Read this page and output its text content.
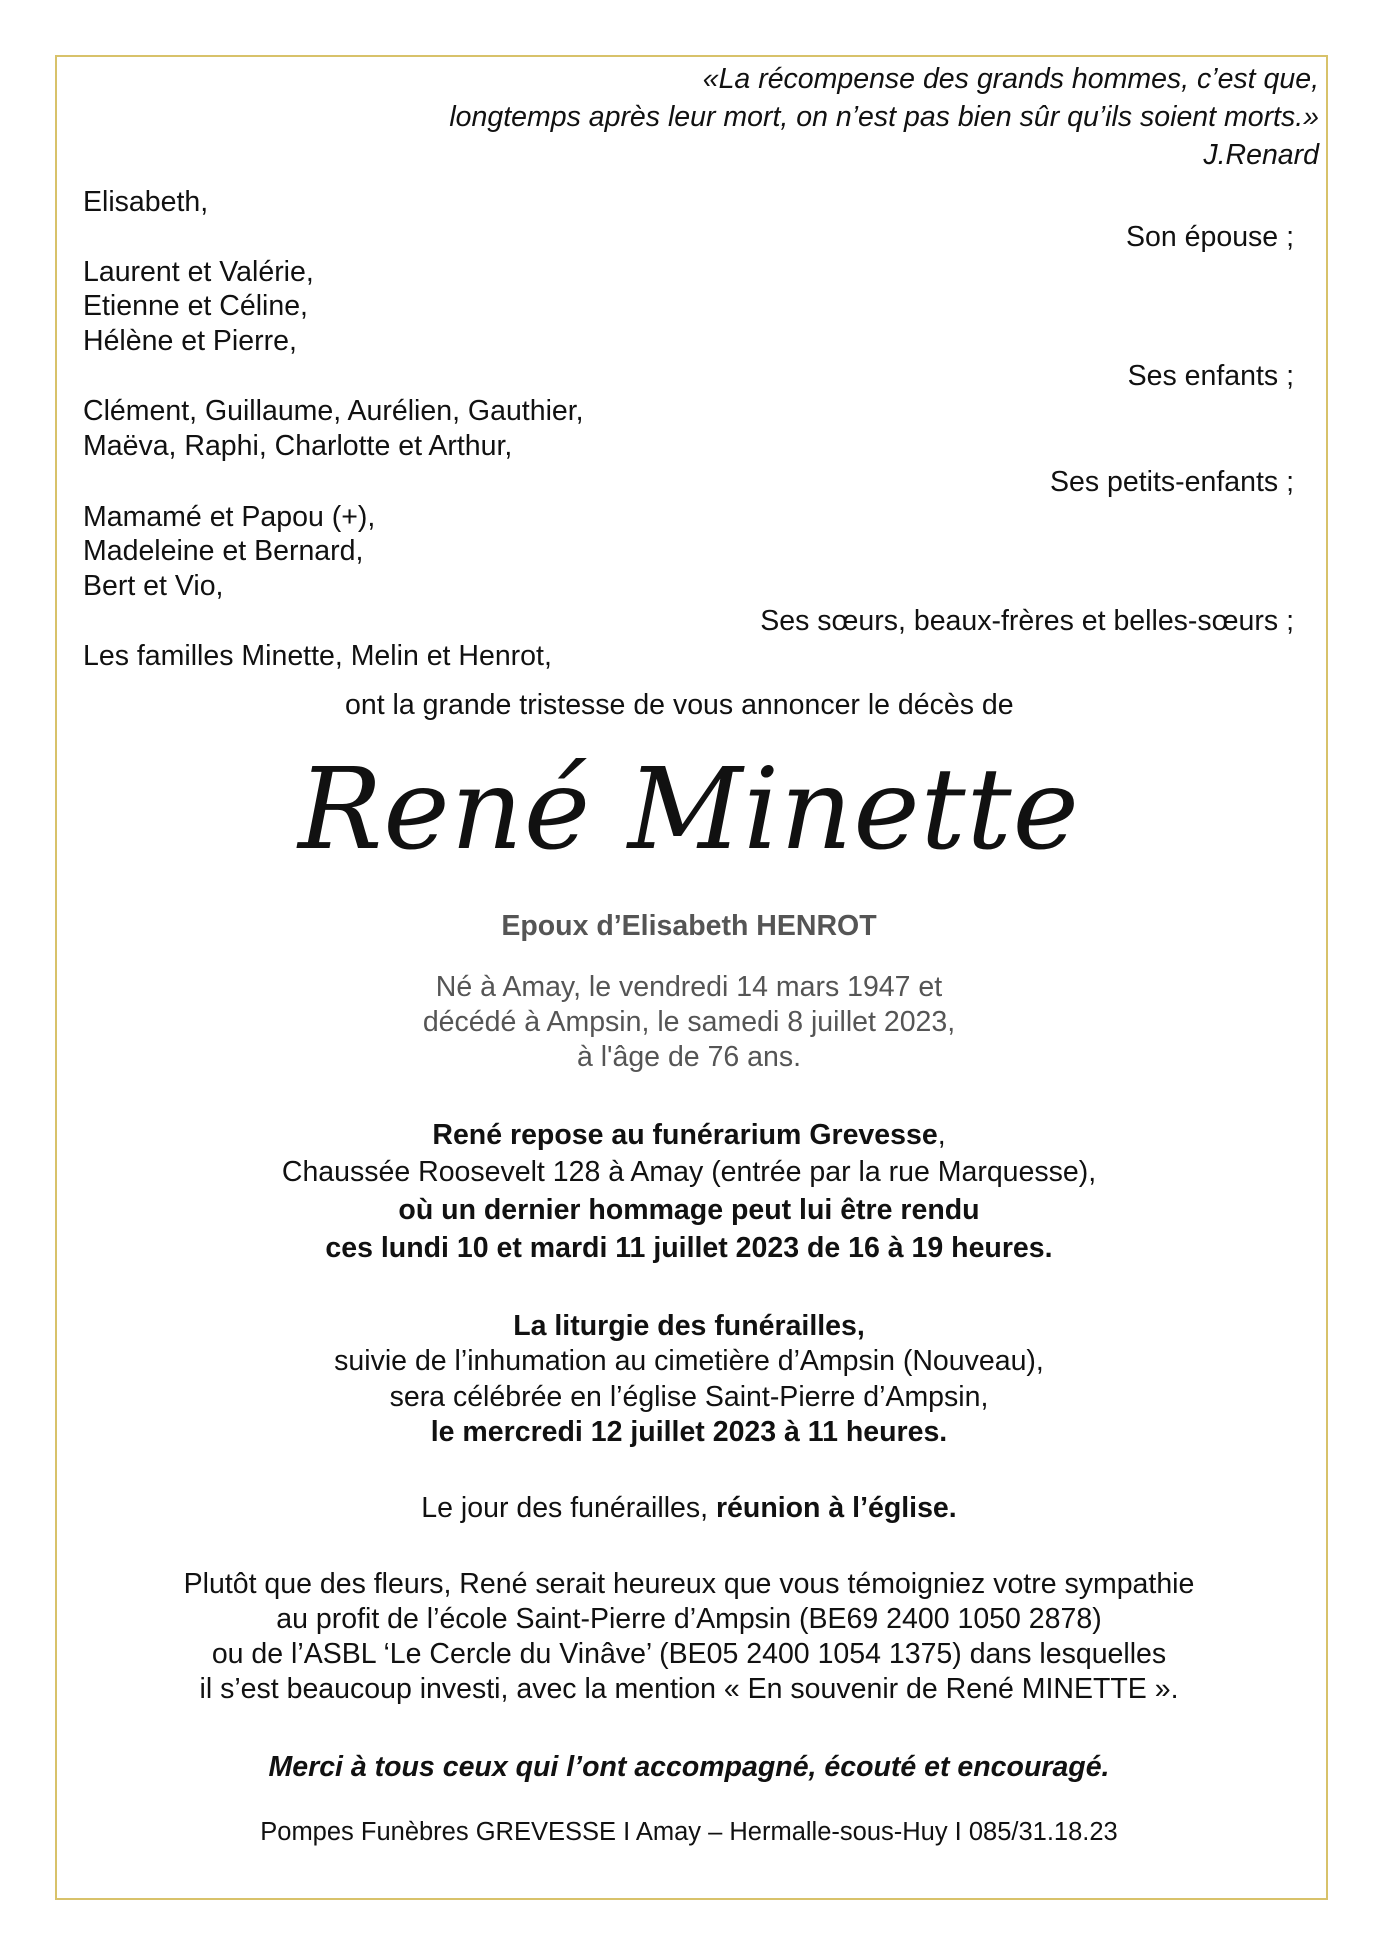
«La récompense des grands hommes, c’est que,
longtemps après leur mort, on n’est pas bien sûr qu’ils soient morts.»
J.Renard
Elisabeth,
Son épouse ;
Laurent et Valérie,
Etienne et Céline,
Hélène et Pierre,
Ses enfants ;
Clément, Guillaume, Aurélien, Gauthier,
Maëva, Raphi, Charlotte et Arthur,
Ses petits-enfants ;
Mamamé et Papou (+),
Madeleine et Bernard,
Bert et Vio,
Ses sœurs, beaux-frères et belles-sœurs ;
Les familles Minette, Melin et Henrot,
ont la grande tristesse de vous annoncer le décès de
René Minette
Epoux d’Elisabeth HENROT
Né à Amay, le vendredi 14 mars 1947 et
décédé à Ampsin, le samedi 8 juillet 2023,
à l'âge de 76 ans.
René repose au funérarium Grevesse,
Chaussée Roosevelt 128 à Amay (entrée par la rue Marquesse),
où un dernier hommage peut lui être rendu
ces lundi 10 et mardi 11 juillet 2023 de 16 à 19 heures.
La liturgie des funérailles,
suivie de l’inhumation au cimetière d’Ampsin (Nouveau),
sera célébrée en l’église Saint-Pierre d’Ampsin,
le mercredi 12 juillet 2023 à 11 heures.
Le jour des funérailles, réunion à l’église.
Plutôt que des fleurs, René serait heureux que vous témoigniez votre sympathie
au profit de l’école Saint-Pierre d’Ampsin (BE69 2400 1050 2878)
ou de l’ASBL ‘Le Cercle du Vinâve’ (BE05 2400 1054 1375) dans lesquelles
il s’est beaucoup investi, avec la mention « En souvenir de René MINETTE ».
Merci à tous ceux qui l’ont accompagné, écouté et encouragé.
Pompes Funèbres GREVESSE I Amay – Hermalle-sous-Huy I 085/31.18.23
